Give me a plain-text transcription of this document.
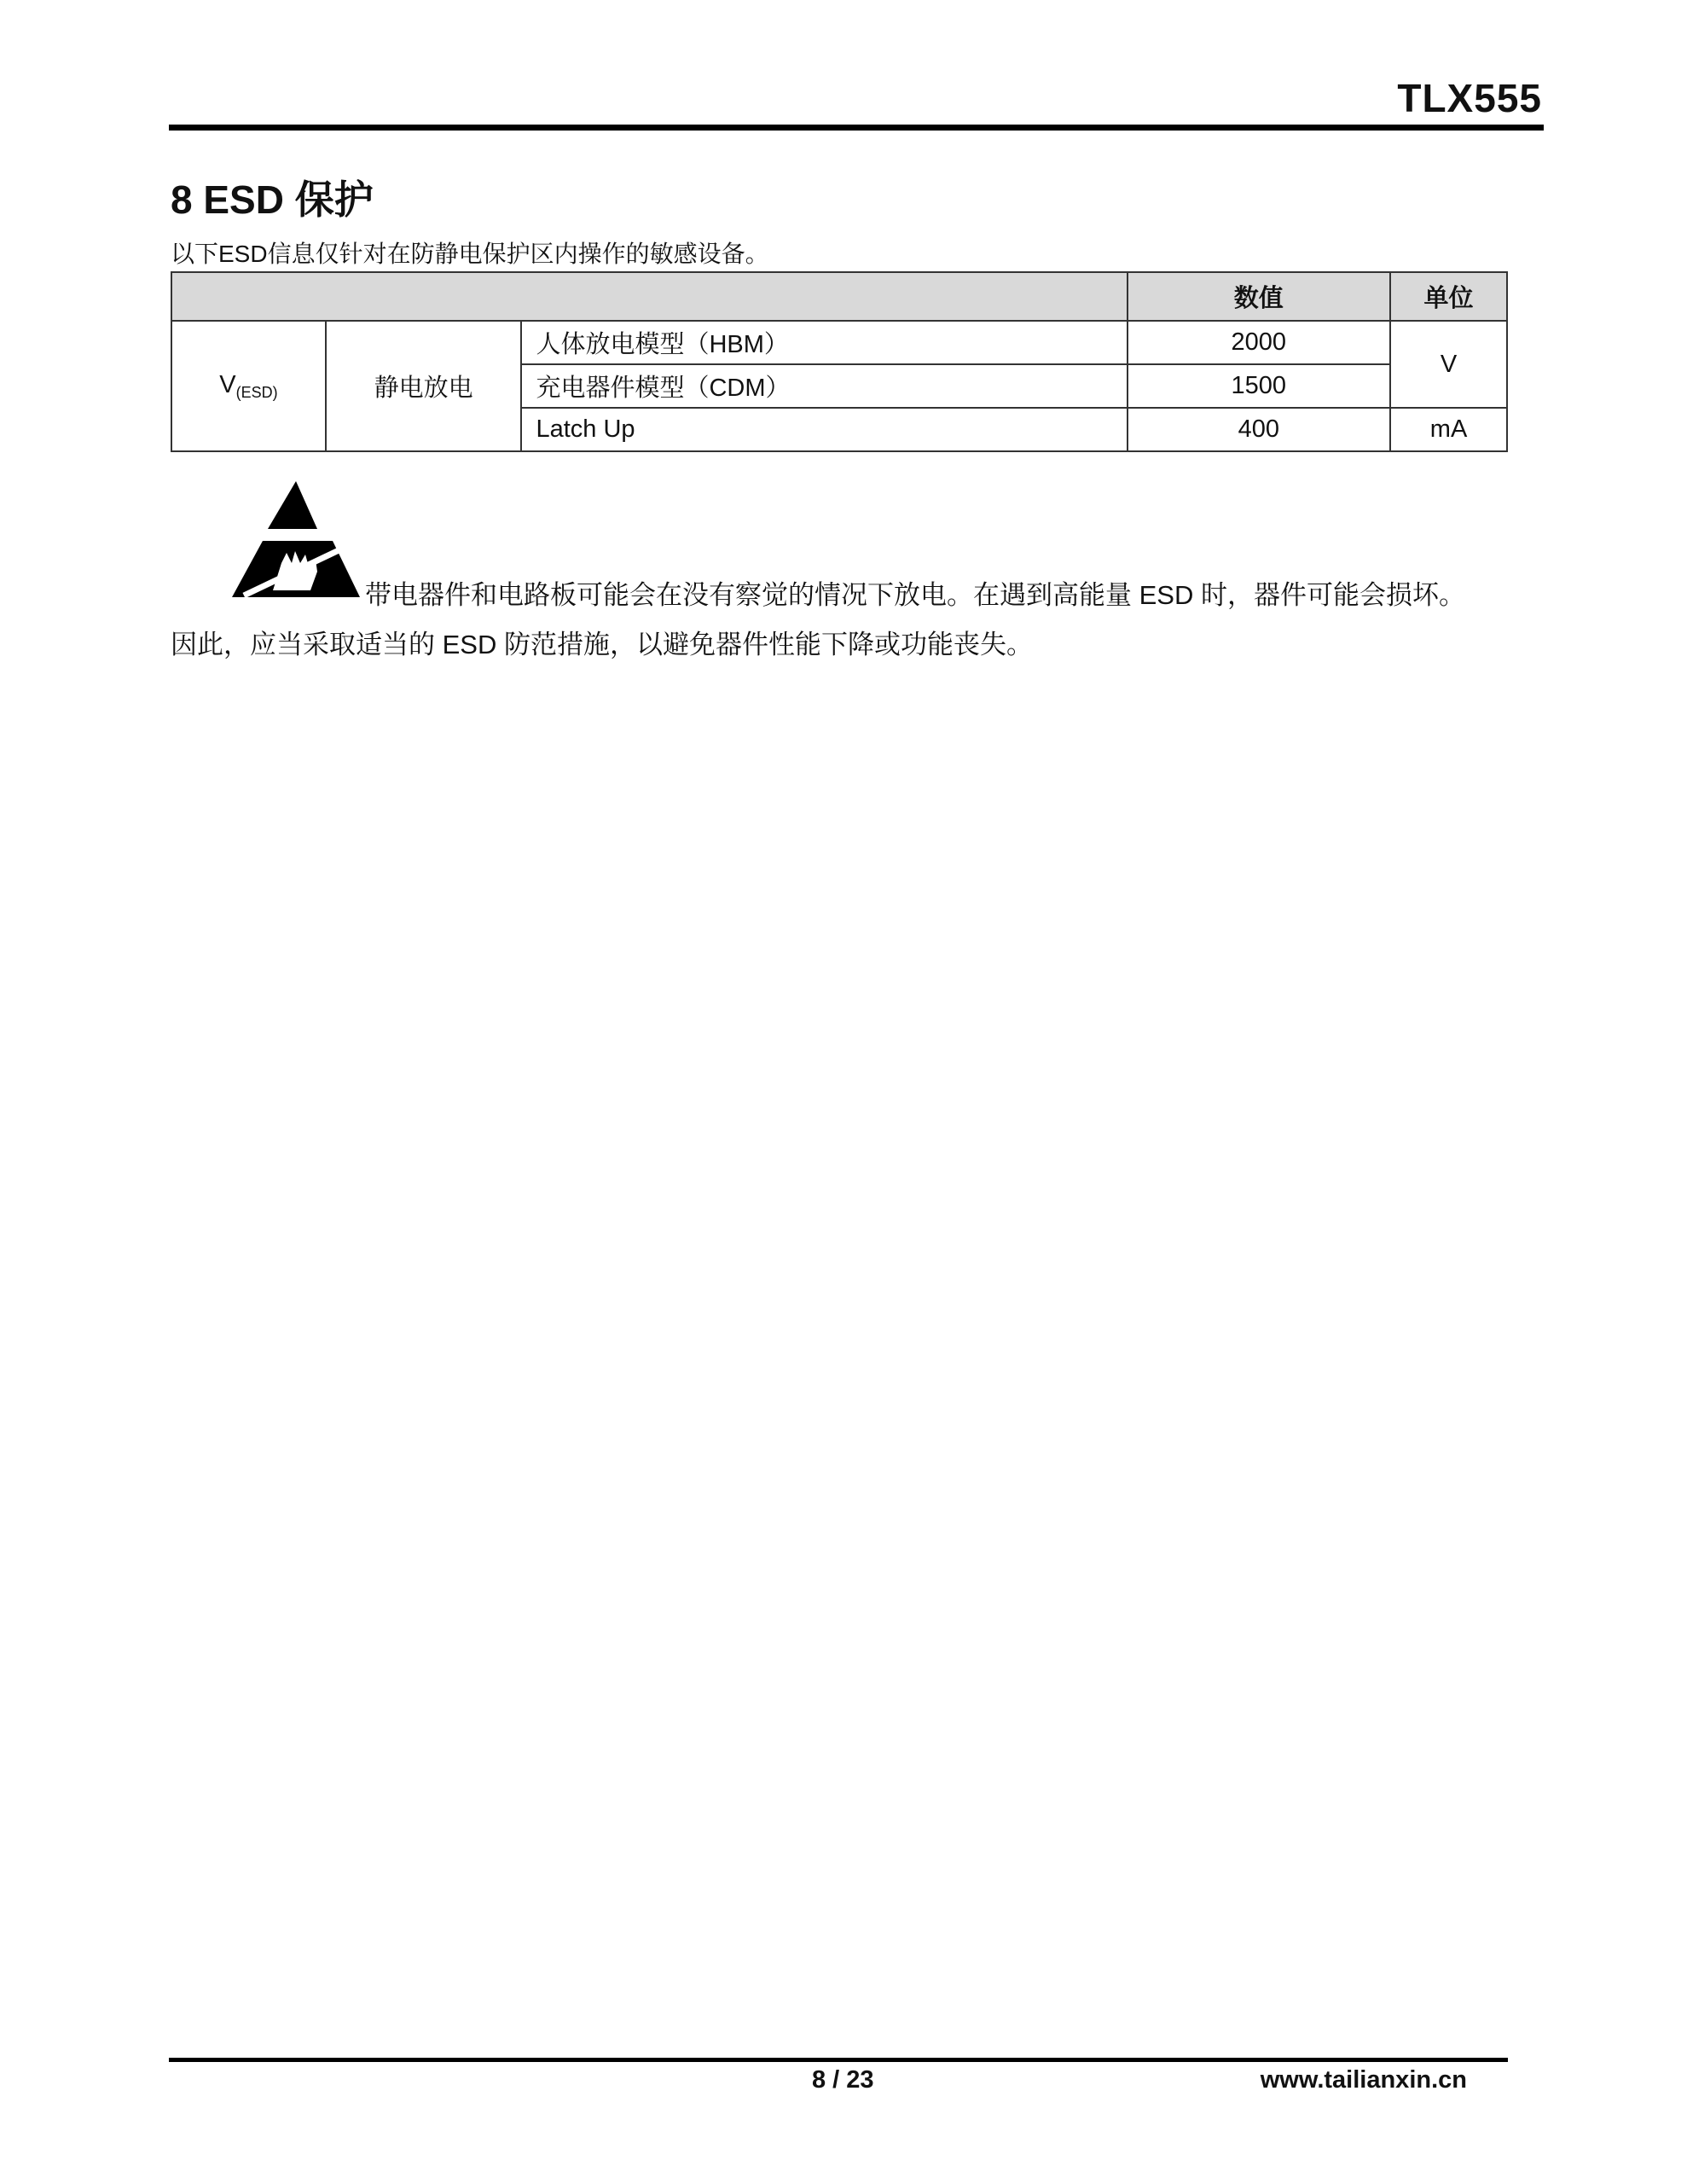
TLX555
8 ESD 保护
以下ESD信息仅针对在防静电保护区内操作的敏感设备。
			数值	单位
$V_{(ESD)}$	静电放电	人体放电模型（HBM）	2000	V
		充电器件模型（CDM）	1500	
		Latch Up	400	mA
带电器件和电路板可能会在没有察觉的情况下放电。在遇到高能量 ESD 时，器件可能会损坏。
因此，应当采取适当的 ESD 防范措施，以避免器件性能下降或功能丧失。
8 / 23	www.tailianxin.cn
